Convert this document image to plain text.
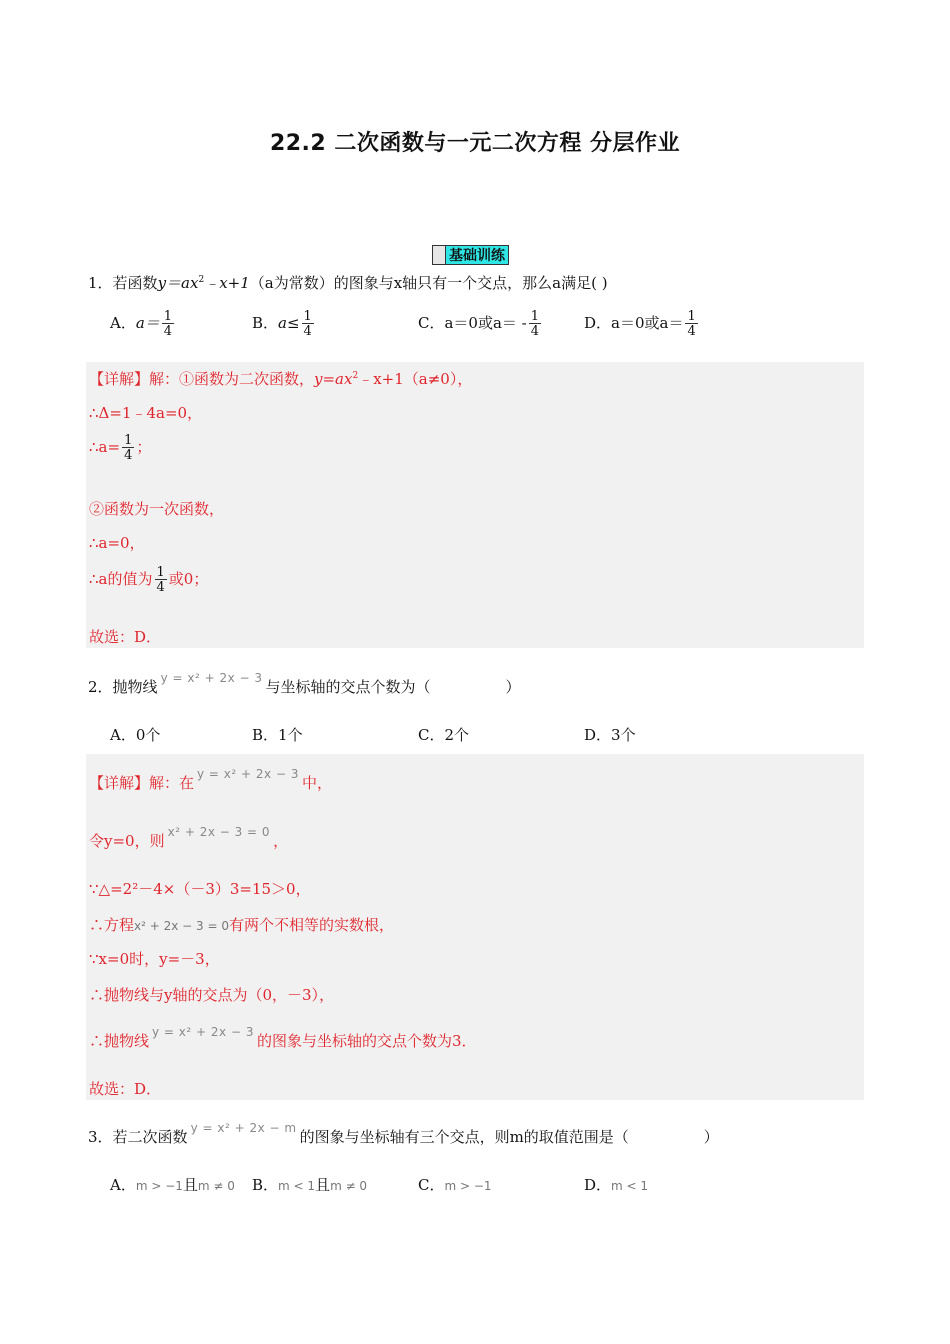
22.2 二次函数与一元二次方程 分层作业
基础训练
1．若函数$y=ax^2﹣x+1(a$为常数）的图象与x轴只有一个交点，那么a满足( )
A．$a= \frac{1}{4}$	B．$a\le \frac{1}{4}$	C．a＝0或$a= - \frac{1}{4}$	D．a＝0或$a= \frac{1}{4}$
【详解】解：①函数为二次函数，$y=ax^2﹣x+1(a\ne 0)$，
∴Δ=1﹣4a=0，
∴a= $\frac{1}{4}$ ；
②函数为一次函数，
∴a=0，
∴a的值为 $\frac{1}{4}$ 或0；
故选：D．
2．抛物线 $^{y = x^2 + 2x - 3}$ 与坐标轴的交点个数为（　　　　　）
A．0个	B．1个	C．2个	D．3个
【详解】解：在 $^{y = x^2 + 2x - 3}$ 中，
令y=0，则 $^{x^2 + 2x - 3 = 0}$ ，
∵△=2²－4×（－3）3=15＞0，
∴方程x² + 2x − 3 = 0有两个不相等的实数根，
∵x=0时，y=－3，
∴抛物线与y轴的交点为（0，－3），
∴抛物线 $^{y = x^2 + 2x - 3}$ 的图象与坐标轴的交点个数为3．
故选：D．
3．若二次函数 $^{y = x^2 + 2x - m}$ 的图象与坐标轴有三个交点，则m的取值范围是（　　　　　）
A．m > −1且m ≠ 0 B．m < 1且m ≠ 0	C．m > −1	D．m < 1
